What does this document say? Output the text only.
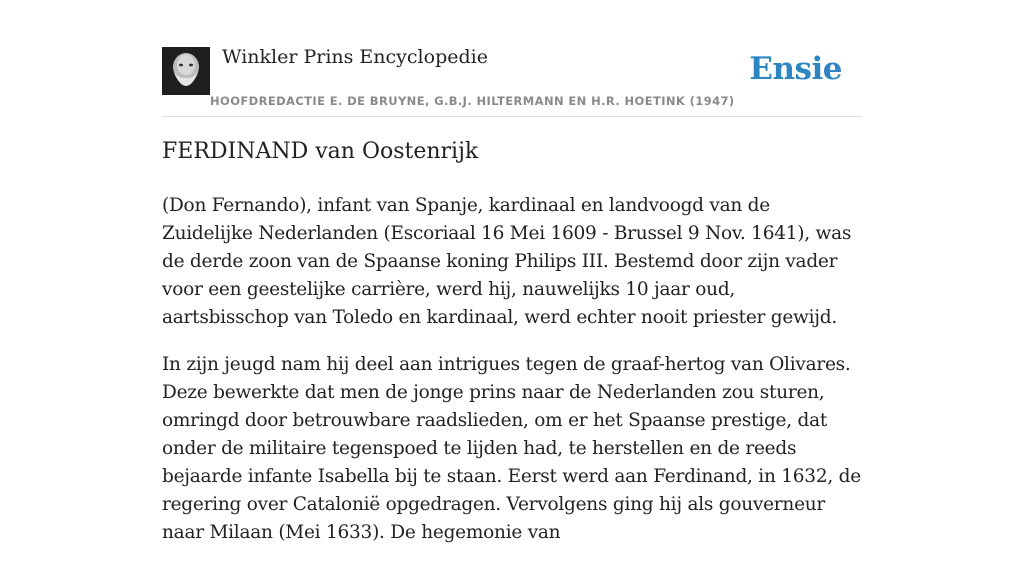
Winkler Prins Encyclopedie
HOOFDREDACTIE E. DE BRUYNE, G.B.J. HILTERMANN EN H.R. HOETINK (1947)
Ensie
FERDINAND van Oostenrijk

(Don Fernando), infant van Spanje, kardinaal en landvoogd van de Zuidelijke Nederlanden (Escoriaal 16 Mei 1609 - Brussel 9 Nov. 1641), was de derde zoon van de Spaanse koning Philips III. Bestemd door zijn vader voor een geestelijke carrière, werd hij, nauwelijks 10 jaar oud, aartsbisschop van Toledo en kardinaal, werd echter nooit priester gewijd.

In zijn jeugd nam hij deel aan intrigues tegen de graaf-hertog van Olivares. Deze bewerkte dat men de jonge prins naar de Nederlanden zou sturen, omringd door betrouwbare raadslieden, om er het Spaanse prestige, dat onder de militaire tegenspoed te lijden had, te herstellen en de reeds bejaarde infante Isabella bij te staan. Eerst werd aan Ferdinand, in 1632, de regering over Catalonië opgedragen. Vervolgens ging hij als gouverneur naar Milaan (Mei 1633). De hegemonie van
